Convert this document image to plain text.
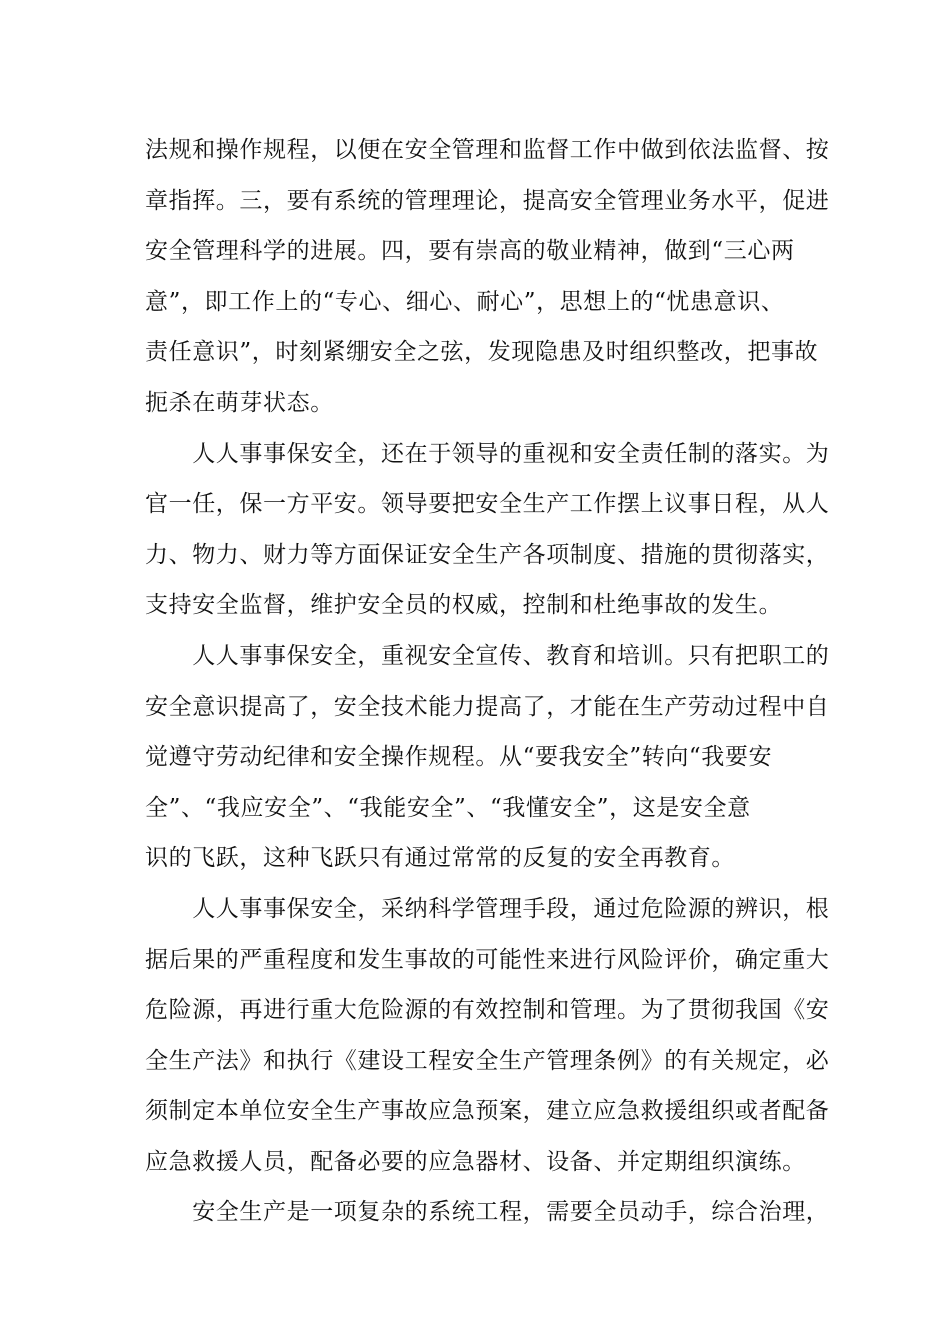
法规和操作规程，以便在安全管理和监督工作中做到依法监督、按
章指挥。三，要有系统的管理理论，提高安全管理业务水平，促进
安全管理科学的进展。四，要有崇高的敬业精神，做到“三心两
意”，即工作上的“专心、细心、耐心”，思想上的“忧患意识、
责任意识”，时刻紧绷安全之弦，发现隐患及时组织整改，把事故
扼杀在萌芽状态。
　　人人事事保安全，还在于领导的重视和安全责任制的落实。为
官一任，保一方平安。领导要把安全生产工作摆上议事日程，从人
力、物力、财力等方面保证安全生产各项制度、措施的贯彻落实，
支持安全监督，维护安全员的权威，控制和杜绝事故的发生。
　　人人事事保安全，重视安全宣传、教育和培训。只有把职工的
安全意识提高了，安全技术能力提高了，才能在生产劳动过程中自
觉遵守劳动纪律和安全操作规程。从“要我安全”转向“我要安
全”、“我应安全”、“我能安全”、“我懂安全”，这是安全意
识的飞跃，这种飞跃只有通过常常的反复的安全再教育。
　　人人事事保安全，采纳科学管理手段，通过危险源的辨识，根
据后果的严重程度和发生事故的可能性来进行风险评价，确定重大
危险源，再进行重大危险源的有效控制和管理。为了贯彻我国《安
全生产法》和执行《建设工程安全生产管理条例》的有关规定，必
须制定本单位安全生产事故应急预案，建立应急救援组织或者配备
应急救援人员，配备必要的应急器材、设备、并定期组织演练。
　　安全生产是一项复杂的系统工程，需要全员动手，综合治理，
